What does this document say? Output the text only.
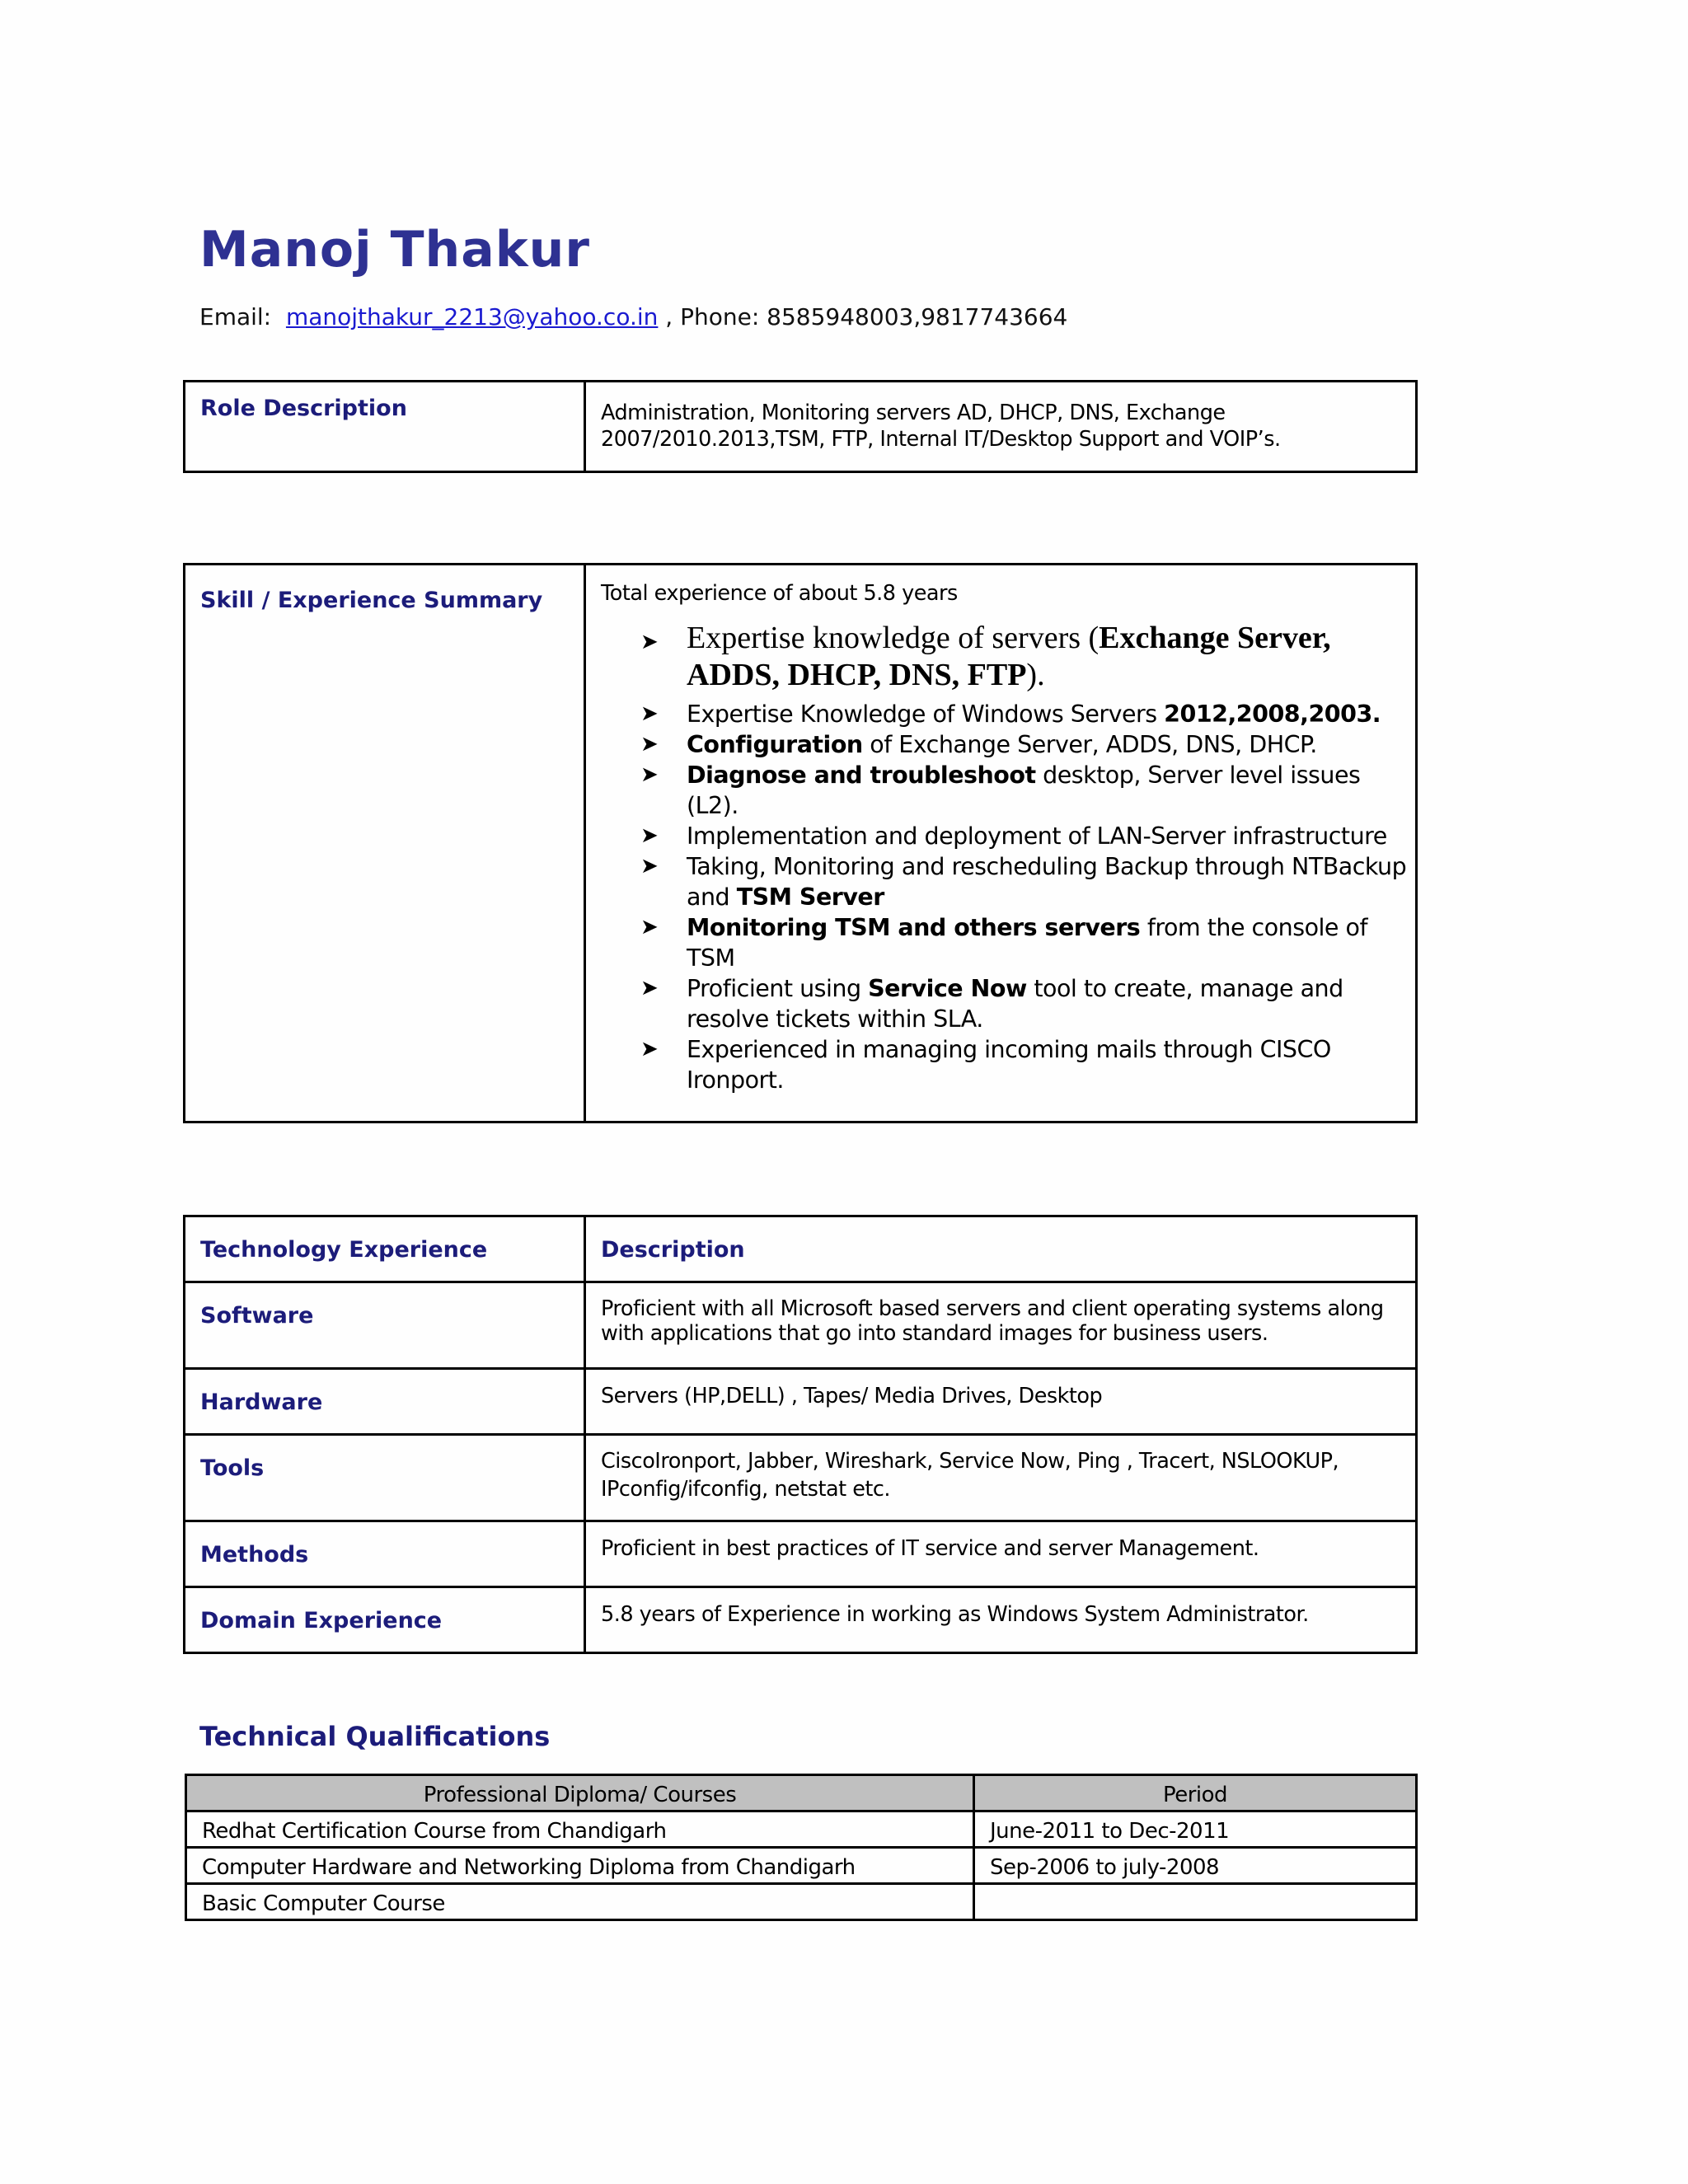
Manoj Thakur
Email: manojthakur_2213@yahoo.co.in , Phone: 8585948003,9817743664
Role Description	Administration, Monitoring servers AD, DHCP, DNS, Exchange
2007/2010.2013,TSM, FTP, Internal IT/Desktop Support and VOIP’s.
Skill / Experience Summary	Total experience of about 5.8 years
➤ Expertise knowledge of servers (Exchange Server, ADDS, DHCP, DNS, FTP).
➤ Expertise Knowledge of Windows Servers 2012,2008,2003.
➤ Configuration of Exchange Server, ADDS, DNS, DHCP.
➤ Diagnose and troubleshoot desktop, Server level issues (L2).
➤ Implementation and deployment of LAN-Server infrastructure
➤ Taking, Monitoring and rescheduling Backup through NTBackup and TSM Server
➤ Monitoring TSM and others servers from the console of TSM
➤ Proficient using Service Now tool to create, manage and resolve tickets within SLA.
➤ Experienced in managing incoming mails through CISCO Ironport.
Technology Experience	Description

Software	Proficient with all Microsoft based servers and client operating systems along with applications that go into standard images for business users.

Hardware	Servers (HP,DELL) , Tapes/ Media Drives, Desktop

Tools	CiscoIronport, Jabber, Wireshark, Service Now, Ping , Tracert, NSLOOKUP, IPconfig/ifconfig, netstat etc.

Methods	Proficient in best practices of IT service and server Management.

Domain Experience	5.8 years of Experience in working as Windows System Administrator.
Technical Qualifications
Professional Diploma/ Courses	Period
Redhat Certification Course from Chandigarh	June-2011 to Dec-2011
Computer Hardware and Networking Diploma from Chandigarh	Sep-2006 to july-2008
Basic Computer Course	
